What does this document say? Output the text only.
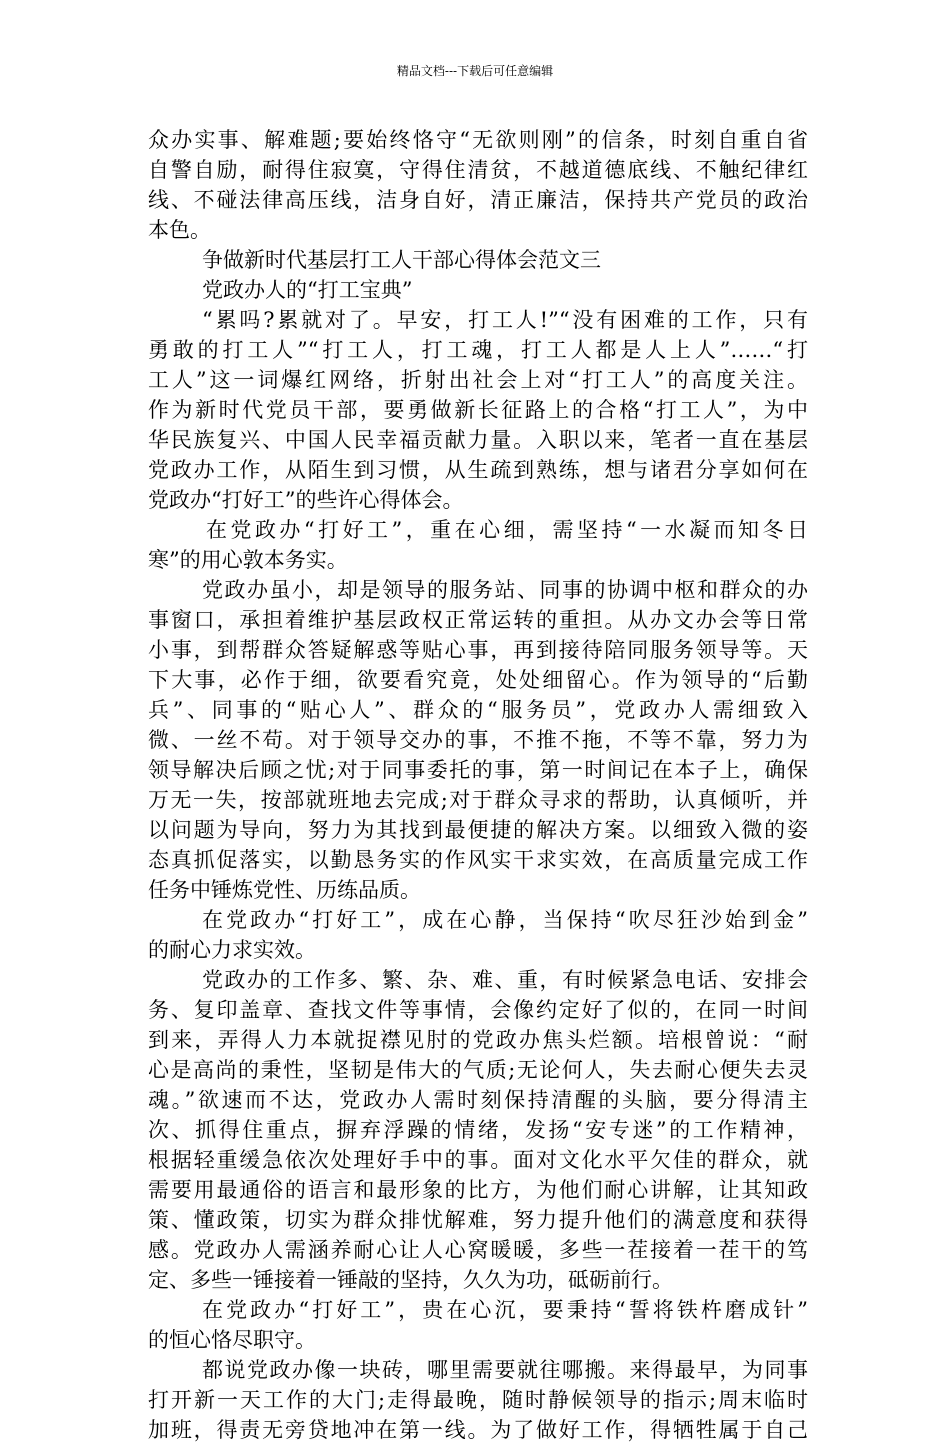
精品文档---下载后可任意编辑
众办实事、解难题;要始终恪守“无欲则刚”的信条，时刻自重自省
自警自励，耐得住寂寞，守得住清贫，不越道德底线、不触纪律红
线、不碰法律高压线，洁身自好，清正廉洁，保持共产党员的政治
本色。
争做新时代基层打工人干部心得体会范文三
党政办人的“打工宝典”
“累吗?累就对了。早安，打工人!”“没有困难的工作，只有
勇敢的打工人”“打工人，打工魂，打工人都是人上人”……“打
工人”这一词爆红网络，折射出社会上对“打工人”的高度关注。
作为新时代党员干部，要勇做新长征路上的合格“打工人”，为中
华民族复兴、中国人民幸福贡献力量。入职以来，笔者一直在基层
党政办工作，从陌生到习惯，从生疏到熟练，想与诸君分享如何在
党政办“打好工”的些许心得体会。
在党政办“打好工”，重在心细，需坚持“一水凝而知冬日
寒”的用心敦本务实。
党政办虽小，却是领导的服务站、同事的协调中枢和群众的办
事窗口，承担着维护基层政权正常运转的重担。从办文办会等日常
小事，到帮群众答疑解惑等贴心事，再到接待陪同服务领导等。天
下大事，必作于细，欲要看究竟，处处细留心。作为领导的“后勤
兵”、同事的“贴心人”、群众的“服务员”，党政办人需细致入
微、一丝不苟。对于领导交办的事，不推不拖，不等不靠，努力为
领导解决后顾之忧;对于同事委托的事，第一时间记在本子上，确保
万无一失，按部就班地去完成;对于群众寻求的帮助，认真倾听，并
以问题为导向，努力为其找到最便捷的解决方案。以细致入微的姿
态真抓促落实，以勤恳务实的作风实干求实效，在高质量完成工作
任务中锤炼党性、历练品质。
在党政办“打好工”，成在心静，当保持“吹尽狂沙始到金”
的耐心力求实效。
党政办的工作多、繁、杂、难、重，有时候紧急电话、安排会
务、复印盖章、查找文件等事情，会像约定好了似的，在同一时间
到来，弄得人力本就捉襟见肘的党政办焦头烂额。培根曾说：“耐
心是高尚的秉性，坚韧是伟大的气质;无论何人，失去耐心便失去灵
魂。”欲速而不达，党政办人需时刻保持清醒的头脑，要分得清主
次、抓得住重点，摒弃浮躁的情绪，发扬“安专迷”的工作精神，
根据轻重缓急依次处理好手中的事。面对文化水平欠佳的群众，就
需要用最通俗的语言和最形象的比方，为他们耐心讲解，让其知政
策、懂政策，切实为群众排忧解难，努力提升他们的满意度和获得
感。党政办人需涵养耐心让人心窝暖暖，多些一茬接着一茬干的笃
定、多些一锤接着一锤敲的坚持，久久为功，砥砺前行。
在党政办“打好工”，贵在心沉，要秉持“誓将铁杵磨成针”
的恒心恪尽职守。
都说党政办像一块砖，哪里需要就往哪搬。来得最早，为同事
打开新一天工作的大门;走得最晚，随时静候领导的指示;周末临时
加班，得责无旁贷地冲在第一线。为了做好工作，得牺牲属于自己
